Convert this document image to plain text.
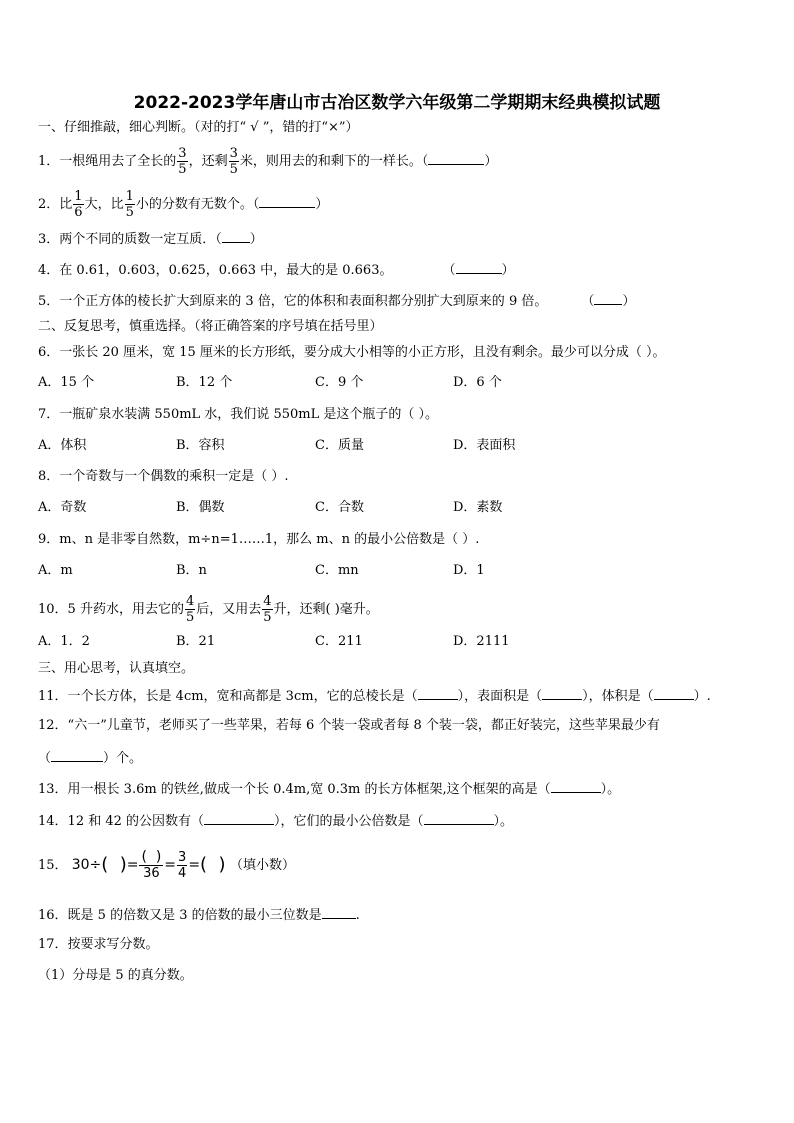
2022-2023学年唐山市古冶区数学六年级第二学期期末经典模拟试题
一、仔细推敲，细心判断。（对的打“ √ ”，错的打“×”）
1．一根绳用去了全长的 $\frac{3}{5}$ ，还剩 $\frac{3}{5}$ 米，则用去的和剩下的一样长。（	）
2．比 $\frac{1}{6}$ 大，比 $\frac{1}{5}$ 小的分数有无数个。（	）
3．两个不同的质数一定互质．（ ）
4．在 0.61，0.603，0.625，0.663 中，最大的是 0.663。	（	）
5．一个正方体的棱长扩大到原来的 3 倍，它的体积和表面积都分别扩大到原来的 9 倍。	（ ）
二、反复思考，慎重选择。（将正确答案的序号填在括号里）
6．一张长 20 厘米，宽 15 厘米的长方形纸，要分成大小相等的小正方形，且没有剩余。最少可以分成（ ）。
A．15 个	B．12 个	C．9 个	D．6 个
7．一瓶矿泉水装满 550mL 水，我们说 550mL 是这个瓶子的（ ）。
A．体积	B．容积	C．质量	D．表面积
8．一个奇数与一个偶数的乘积一定是（ ）.
A．奇数	B．偶数	C．合数	D．素数
9．m、n 是非零自然数，m÷n=1……1，那么 m、n 的最小公倍数是（ ）.
A．m	B．n	C．mn	D．1
10．5 升药水，用去它的 $\frac{4}{5}$ 后，又用去 $\frac{4}{5}$ 升，还剩( )毫升。
A．1．2	B．21	C．211	D．2111
三、用心思考，认真填空。
11．一个长方体，长是 4cm，宽和高都是 3cm，它的总棱长是（	），表面积是（	），体积是（	）.
12．“六一”儿童节，老师买了一些苹果，若每 6 个装一袋或者每 8 个装一袋，都正好装完，这些苹果最少有
（	）个。
13．用一根长 3.6m 的铁丝,做成一个长 0.4m,宽 0.3m 的长方体框架,这个框架的高是（	）。
14．12 和 42 的公因数有（	），它们的最小公倍数是（	）。
15． 30÷(  )= $\frac{( )}{36} = \frac{3}{4}$ =(  ) （填小数）
16．既是 5 的倍数又是 3 的倍数的最小三位数是	.
17．按要求写分数。
（1）分母是 5 的真分数。
